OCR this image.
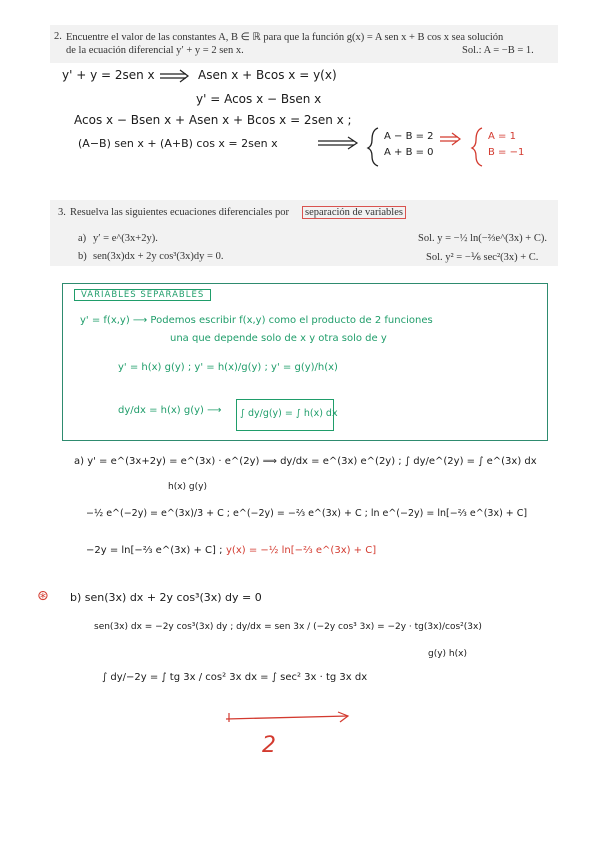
2. Encuentre el valor de las constantes A, B ∈ ℝ para que la función g(x) = A sen x + B cos x sea solución
de la ecuación diferencial y′ + y = 2 sen x.	Sol.: A = −B = 1.
y' + y = 2sen x	Asen x + Bcos x = y(x)
y' = Acos x − Bsen x
Acos x − Bsen x + Asen x + Bcos x = 2sen x ;
(A−B) sen x + (A+B) cos x = 2sen x
A − B = 2
A + B = 0
A = 1
B = −1
3. Resuelva las siguientes ecuaciones diferenciales por separación de variables
a) y′ = e^(3x+2y).	Sol. y = −½ ln(−⅔e^(3x) + C).
b) sen(3x)dx + 2y cos³(3x)dy = 0.	Sol. y² = −⅙ sec²(3x) + C.
VARIABLES SEPARABLES
y' = f(x,y) ⟶ Podemos escribir f(x,y) como el producto de 2 funciones
una que depende solo de x y otra solo de y
y' = h(x) g(y) ; y' = h(x)/g(y) ; y' = g(y)/h(x)
dy/dx = h(x) g(y) ⟶ ∫ dy/g(y) = ∫ h(x) dx
a) y' = e^(3x+2y) = e^(3x) · e^(2y) ⟹ dy/dx = e^(3x) e^(2y) ; ∫ dy/e^(2y) = ∫ e^(3x) dx
h(x) g(y)
−½ e^(−2y) = e^(3x)/3 + C ; e^(−2y) = −⅔ e^(3x) + C ; ln e^(−2y) = ln[−⅔ e^(3x) + C]
−2y = ln[−⅔ e^(3x) + C] ; y(x) = −½ ln[−⅔ e^(3x) + C]
⊛ b) sen(3x) dx + 2y cos³(3x) dy = 0
sen(3x) dx = −2y cos³(3x) dy ; dy/dx = sen 3x / (−2y cos³ 3x) = −2y · tg(3x)/cos²(3x)
g(y) h(x)
∫ dy/−2y = ∫ tg 3x / cos² 3x dx = ∫ sec² 3x · tg 3x dx
2
